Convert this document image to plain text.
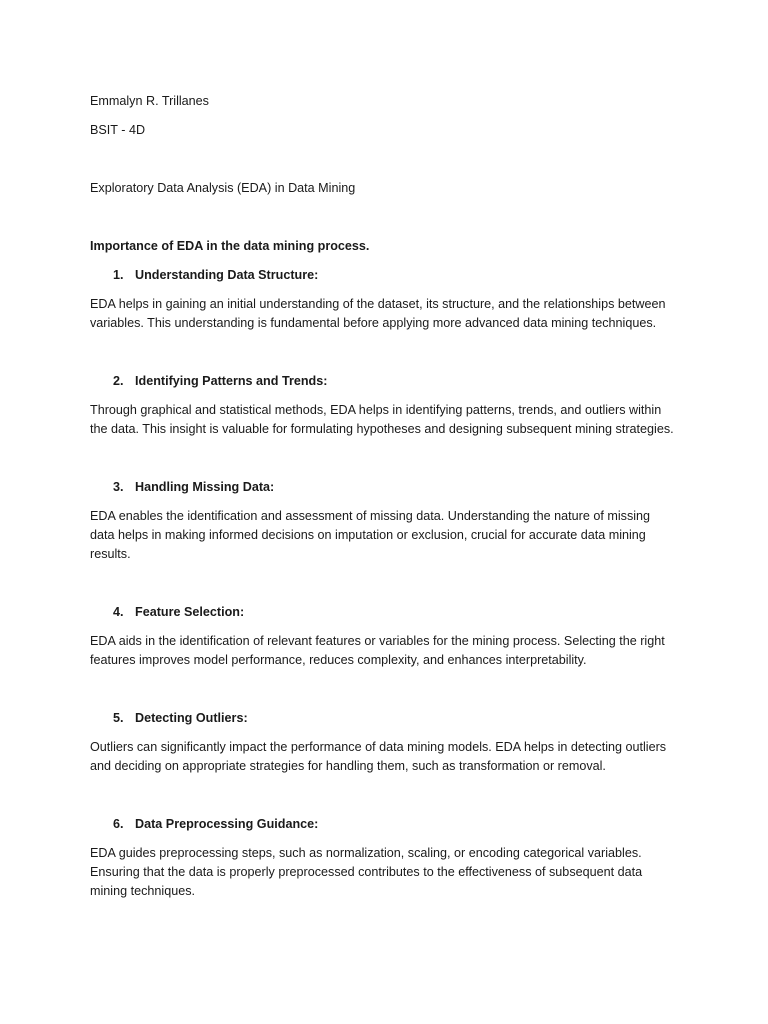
Emmalyn R. Trillanes

BSIT - 4D

Exploratory Data Analysis (EDA) in Data Mining

Importance of EDA in the data mining process.

1. Understanding Data Structure:

EDA helps in gaining an initial understanding of the dataset, its structure, and the relationships between
variables. This understanding is fundamental before applying more advanced data mining techniques.

2. Identifying Patterns and Trends:

Through graphical and statistical methods, EDA helps in identifying patterns, trends, and outliers within
the data. This insight is valuable for formulating hypotheses and designing subsequent mining strategies.

3. Handling Missing Data:

EDA enables the identification and assessment of missing data. Understanding the nature of missing
data helps in making informed decisions on imputation or exclusion, crucial for accurate data mining
results.

4. Feature Selection:

EDA aids in the identification of relevant features or variables for the mining process. Selecting the right
features improves model performance, reduces complexity, and enhances interpretability.

5. Detecting Outliers:

Outliers can significantly impact the performance of data mining models. EDA helps in detecting outliers
and deciding on appropriate strategies for handling them, such as transformation or removal.

6. Data Preprocessing Guidance:

EDA guides preprocessing steps, such as normalization, scaling, or encoding categorical variables.
Ensuring that the data is properly preprocessed contributes to the effectiveness of subsequent data
mining techniques.
